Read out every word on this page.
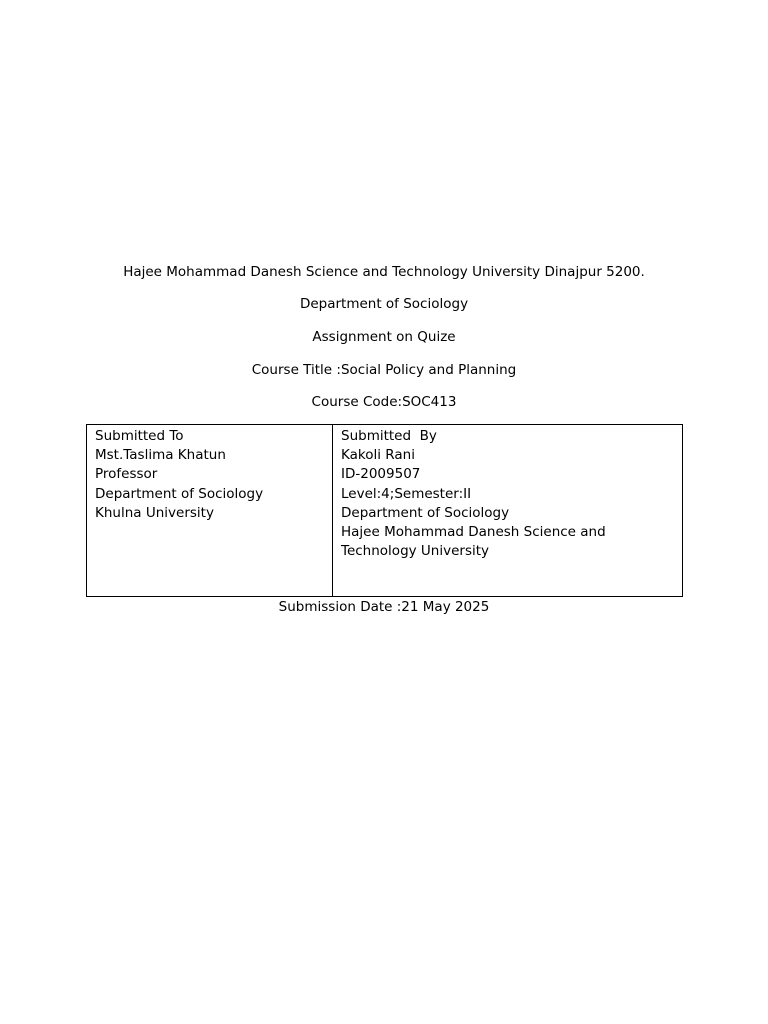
Hajee Mohammad Danesh Science and Technology University Dinajpur 5200.

Department of Sociology

Assignment on Quize

Course Title :Social Policy and Planning

Course Code:SOC413

Submitted To
Mst.Taslima Khatun
Professor
Department of Sociology
Khulna University
Submitted  By
Kakoli Rani
ID-2009507
Level:4;Semester:II
Department of Sociology
Hajee Mohammad Danesh Science and Technology University

Submission Date :21 May 2025
